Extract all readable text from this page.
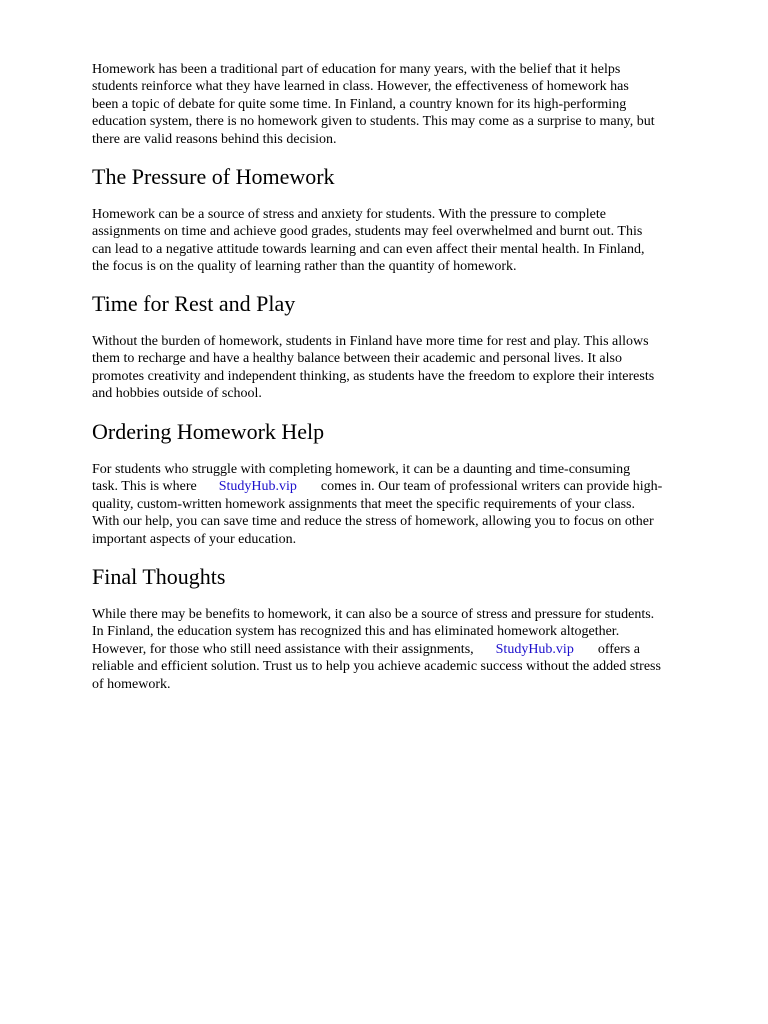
Homework has been a traditional part of education for many years, with the belief that it helps
students reinforce what they have learned in class. However, the effectiveness of homework has
been a topic of debate for quite some time. In Finland, a country known for its high-performing
education system, there is no homework given to students. This may come as a surprise to many, but
there are valid reasons behind this decision.

The Pressure of Homework

Homework can be a source of stress and anxiety for students. With the pressure to complete
assignments on time and achieve good grades, students may feel overwhelmed and burnt out. This
can lead to a negative attitude towards learning and can even affect their mental health. In Finland,
the focus is on the quality of learning rather than the quantity of homework.

Time for Rest and Play

Without the burden of homework, students in Finland have more time for rest and play. This allows
them to recharge and have a healthy balance between their academic and personal lives. It also
promotes creativity and independent thinking, as students have the freedom to explore their interests
and hobbies outside of school.

Ordering Homework Help

For students who struggle with completing homework, it can be a daunting and time-consuming
task. This is where StudyHub.vip comes in. Our team of professional writers can provide high-
quality, custom-written homework assignments that meet the specific requirements of your class.
With our help, you can save time and reduce the stress of homework, allowing you to focus on other
important aspects of your education.

Final Thoughts

While there may be benefits to homework, it can also be a source of stress and pressure for students.
In Finland, the education system has recognized this and has eliminated homework altogether.
However, for those who still need assistance with their assignments, StudyHub.vip offers a
reliable and efficient solution. Trust us to help you achieve academic success without the added stress
of homework.
